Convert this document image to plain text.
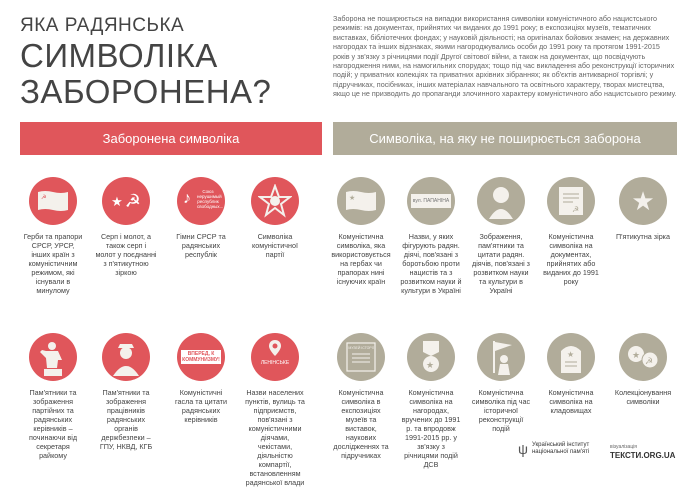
ЯКА РАДЯНСЬКА
СИМВОЛІКА
ЗАБОРОНЕНА?
Заборона не поширюється на випадки використання символіки комуністичного або нацистського режимів: на документах, прийнятих чи виданих до 1991 року; в експозиціях музеїв, тематичних виставках, бібліотечних фондах; у науковій діяльності; на оригіналах бойових знамен; на державних нагородах та інших відзнаках, якими нагороджувались особи до 1991 року та протягом 1991-2015 років у зв'язку з річницями події Другої світової війни, а також на документах, що посвідчують нагородження ними, на намогильних спорудах; тощо під час викладення або реконструкції історичних подій; у приватних колекціях та приватних архівних зібраннях; як об'єктів антикварної торгівлі; у підручниках, посібниках, інших матеріалах навчального та освітнього характеру, творах мистецтва, якщо це не призводить до пропаганди злочинного характеру комуністичного або нацистського режиму.
Заборонена символіка	Символіка, на яку не поширюється заборона
☭
Герби та прапори СРСР, УРСР, інших країн з комуністичним режимом, які існували в минулому
★ ☭
Серп і молот, а також серп і молот у поєднанні з п'ятикутною зіркою
♪	Союз нерушимый республик свободных...
Гімни СРСР та радянських республік
Символіка комуністичної партії
★
Комуністична символіка, яка використовується на гербах чи прапорах нині існуючих країн
вул. ПАПАНІНА
Назви, у яких фігурують радян. діячі, пов'язані з боротьбою проти нацистів та з розвитком науки й культури в Україні
Зображення, пам'ятники та цитати радян. діячів, пов'язані з розвитком науки та культури в Україні
☭
Комуністична символіка на документах, прийнятих або виданих до 1991 року
★
П'ятикутна зірка
Пам'ятники та зображення партійних та радянських керівників – починаючи від секретаря райкому
Пам'ятники та зображення працівників радянських органів держбезпеки – ГПУ, НКВД, КГБ
ВПЕРЕД, К КОММУНИЗМУ!
Комуністичні гасла та цитати радянських керівників
ЛЕНІНСЬКЕ
Назви населених пунктів, вулиць та підприємств, пов'язані з комуністичними діячами, чекістами, діяльністю компартії, встановленням радянської влади
МУЗЕЙ ІСТОРІЇ
Комуністична символіка в експозиціях музеїв та виставок, наукових дослідженнях та підручниках
★
Комуністична символіка на нагородах, вручених до 1991 р. та впродовж 1991-2015 рр. у зв'язку з річницями подій ДСВ
Комуністична символіка під час історичної реконструкції подій
★
Комуністична символіка на кладовищах
★
☭
Колекціонування символіки
ψ Український інститут національної пам'яті
візуалізація
ТЕКСТИ.ORG.UA
